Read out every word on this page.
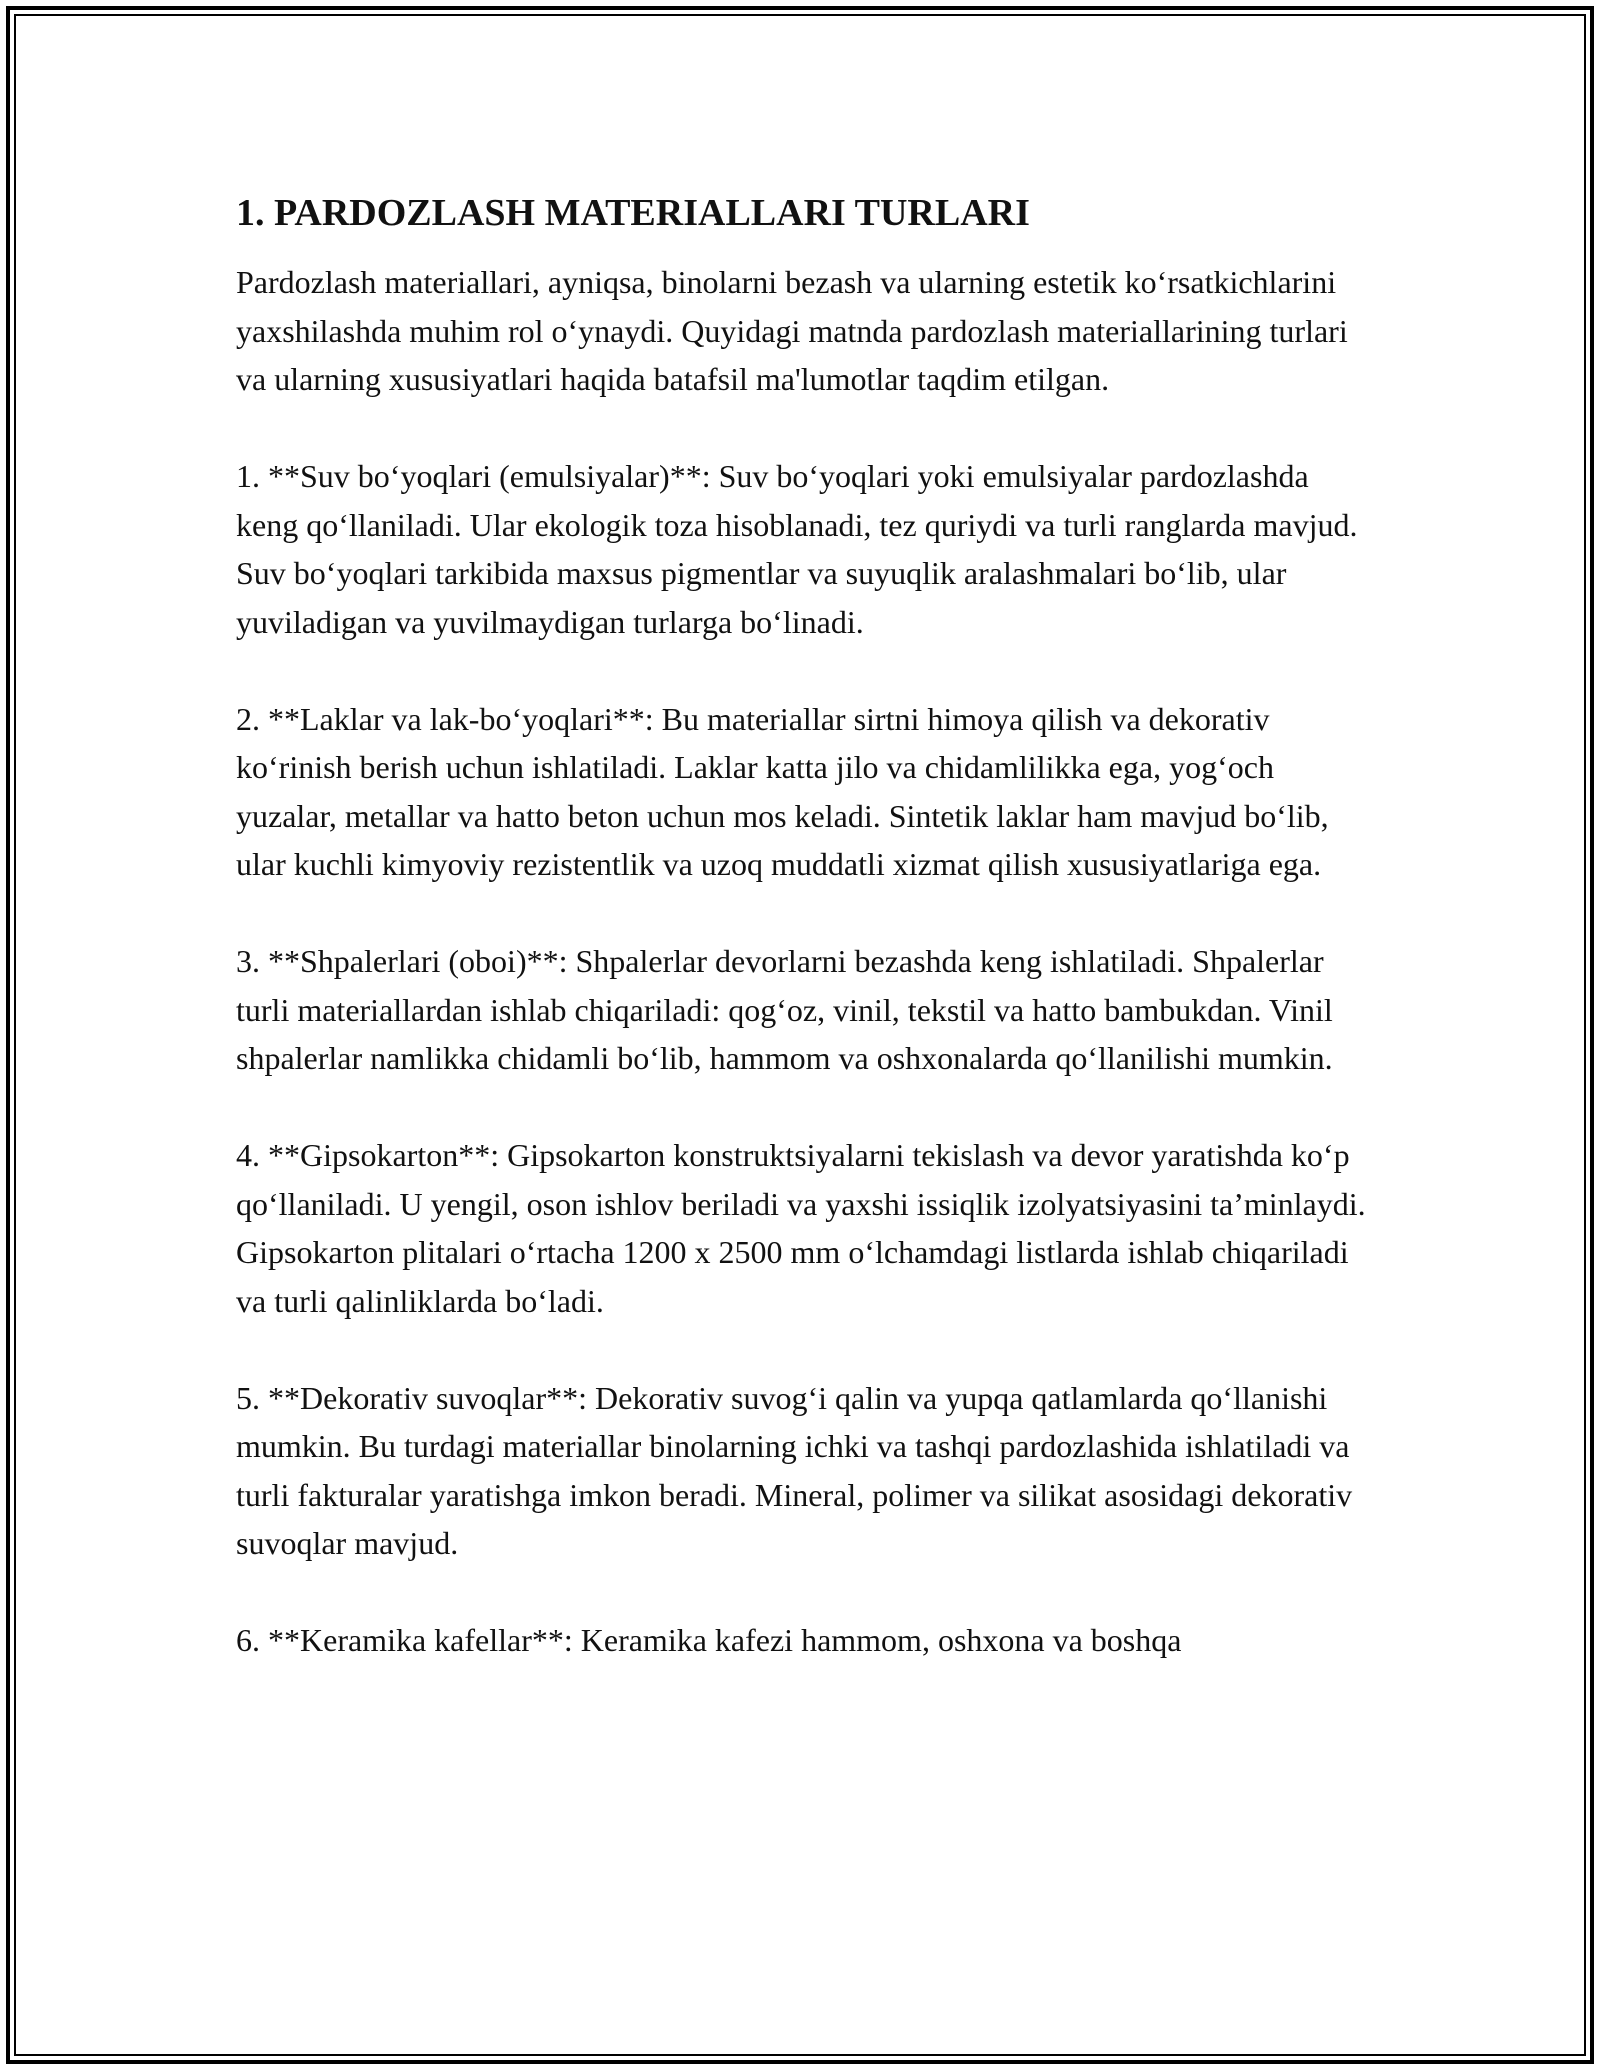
1. PARDOZLASH MATERIALLARI TURLARI

Pardozlash materiallari, ayniqsa, binolarni bezash va ularning estetik ko‘rsatkichlarini yaxshilashda muhim rol o‘ynaydi. Quyidagi matnda pardozlash materiallarining turlari va ularning xususiyatlari haqida batafsil ma'lumotlar taqdim etilgan.

1. **Suv bo‘yoqlari (emulsiyalar)**: Suv bo‘yoqlari yoki emulsiyalar pardozlashda keng qo‘llaniladi. Ular ekologik toza hisoblanadi, tez quriydi va turli ranglarda mavjud. Suv bo‘yoqlari tarkibida maxsus pigmentlar va suyuqlik aralashmalari bo‘lib, ular yuviladigan va yuvilmaydigan turlarga bo‘linadi.

2. **Laklar va lak-bo‘yoqlari**: Bu materiallar sirtni himoya qilish va dekorativ ko‘rinish berish uchun ishlatiladi. Laklar katta jilo va chidamlilikka ega, yog‘och yuzalar, metallar va hatto beton uchun mos keladi. Sintetik laklar ham mavjud bo‘lib, ular kuchli kimyoviy rezistentlik va uzoq muddatli xizmat qilish xususiyatlariga ega.

3. **Shpalerlari (oboi)**: Shpalerlar devorlarni bezashda keng ishlatiladi. Shpalerlar turli materiallardan ishlab chiqariladi: qog‘oz, vinil, tekstil va hatto bambukdan. Vinil shpalerlar namlikka chidamli bo‘lib, hammom va oshxonalarda qo‘llanilishi mumkin.

4. **Gipsokarton**: Gipsokarton konstruktsiyalarni tekislash va devor yaratishda ko‘p qo‘llaniladi. U yengil, oson ishlov beriladi va yaxshi issiqlik izolyatsiyasini ta’minlaydi. Gipsokarton plitalari o‘rtacha 1200 x 2500 mm o‘lchamdagi listlarda ishlab chiqariladi va turli qalinliklarda bo‘ladi.

5. **Dekorativ suvoqlar**: Dekorativ suvog‘i qalin va yupqa qatlamlarda qo‘llanishi mumkin. Bu turdagi materiallar binolarning ichki va tashqi pardozlashida ishlatiladi va turli fakturalar yaratishga imkon beradi. Mineral, polimer va silikat asosidagi dekorativ suvoqlar mavjud.

6. **Keramika kafellar**: Keramika kafezi hammom, oshxona va boshqa
